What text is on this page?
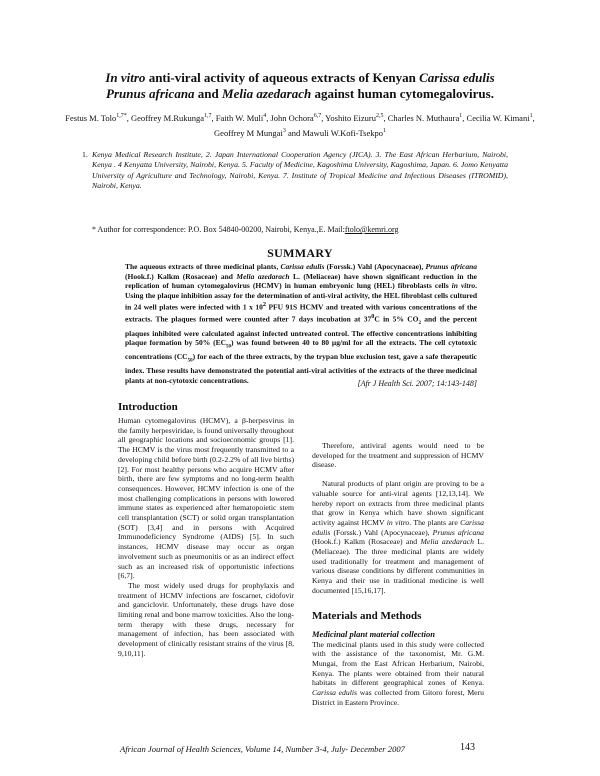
In vitro anti-viral activity of aqueous extracts of Kenyan Carissa edulis
Prunus africana and Melia azedarach against human cytomegalovirus.
Festus M. Tolo$^{1,7*}$, Geoffrey M.Rukunga$^{1,7}$, Faith W. Muli$^4$, John Ochora$^{6,7}$, Yoshito Eizuru$^{2,5}$, Charles N. Muthaura$^1$, Cecilia W. Kimani$^1$, Geoffrey M Mungai$^3$ and Mawuli W.Kofi-Tsekpo$^1$
1. Kenya Medical Research Institute, 2. Japan International Cooperation Agency (JICA). 3. The East African Herbarium, Nairobi, Kenya . 4 Kenyatta University, Nairobi, Kenya. 5. Faculty of Medicine, Kagoshima University, Kagoshima, Japan. 6. Jomo Kenyatta University of Agriculture and Technology, Nairobi, Kenya. 7. Institute of Tropical Medicine and Infectious Diseases (ITROMID), Nairobi, Kenya.
* Author for correspondence: P.O. Box 54840-00200, Nairobi, Kenya.,E. Mail:ftolo@kemri.org
SUMMARY
The aqueous extracts of three medicinal plants, Carissa edulis (Forssk.) Vahl (Apocynaceae), Prunus africana (Hook.f.) Kalkm (Rosaceae) and Melia azedarach L. (Meliaceae) have shown significant reduction in the replication of human cytomegalovirus (HCMV) in human embryonic lung (HEL) fibroblasts cells in vitro. Using the plaque inhibition assay for the determination of anti-viral activity, the HEL fibroblast cells cultured in 24 well plates were infected with 1 x $10^2$ PFU 91S HCMV and treated with various concentrations of the extracts. The plaques formed were counted after 7 days incubation at $37^0C$ in 5% $CO_2$ and the percent plaques inhibited were calculated against infected untreated control. The effective concentrations inhibiting plaque formation by 50% $(EC_{50})$ was found between 40 to 80 µg/ml for all the extracts. The cell cytotoxic concentrations $(CC_{50})$ for each of the three extracts, by the trypan blue exclusion test, gave a safe therapeutic index. These results have demonstrated the potential anti-viral activities of the extracts of the three medicinal plants at non-cytotoxic concentrations.	[Afr J Health Sci. 2007; 14:143-148]
Introduction

Human cytomegalovirus (HCMV), a β-herpesvirus in the family herpesviridae, is found universally throughout all geographic locations and socioeconomic groups [1]. The HCMV is the virus most frequently transmitted to a developing child before birth (0.2-2.2% of all live births) [2]. For most healthy persons who acquire HCMV after birth, there are few symptoms and no long-term health consequences. However, HCMV infection is one of the most challenging complications in persons with lowered immune states as experienced after hematopoietic stem cell transplantation (SCT) or solid organ transplantation (SOT) [3,4] and in persons with Acquired Immunodeficiency Syndrome (AIDS) [5]. In such instances, HCMV disease may occur as organ involvement such as pneumonitis or as an indirect effect such as an increased risk of opportunistic infections [6,7].

The most widely used drugs for prophylaxis and treatment of HCMV infections are foscarnet, cidofovir and ganciclovir. Unfortunately, these drugs have dose limiting renal and bone marrow toxicities. Also the long-term therapy with these drugs, necessary for management of infection, has been associated with development of clinically resistant strains of the virus [8, 9,10,11].

Therefore, antiviral agents would need to be developed for the treatment and suppression of HCMV disease.

Natural products of plant origin are proving to be a valuable source for anti-viral agents [12,13,14]. We hereby report on extracts from three medicinal plants that grow in Kenya which have shown significant activity against HCMV in vitro. The plants are Carissa edulis (Forssk.) Vahl (Apocynaceae), Prunus africana (Hook.f.) Kalkm (Rosaceae) and Melia azedarach L. (Meliaceae). The three medicinal plants are widely used traditionally for treatment and management of various disease conditions by different communities in Kenya and their use in traditional medicine is well documented [15,16,17].

Materials and Methods
Medicinal plant material collection

The medicinal plants used in this study were collected with the assistance of the taxonomist, Mr. G.M. Mungai, from the East African Herbarium, Nairobi, Kenya. The plants were obtained from their natural habitats in different geographical zones of Kenya. Carissa edulis was collected from Gitoro forest, Meru District in Eastern Province.

African Journal of Health Sciences, Volume 14, Number 3-4, July- December 2007	143
